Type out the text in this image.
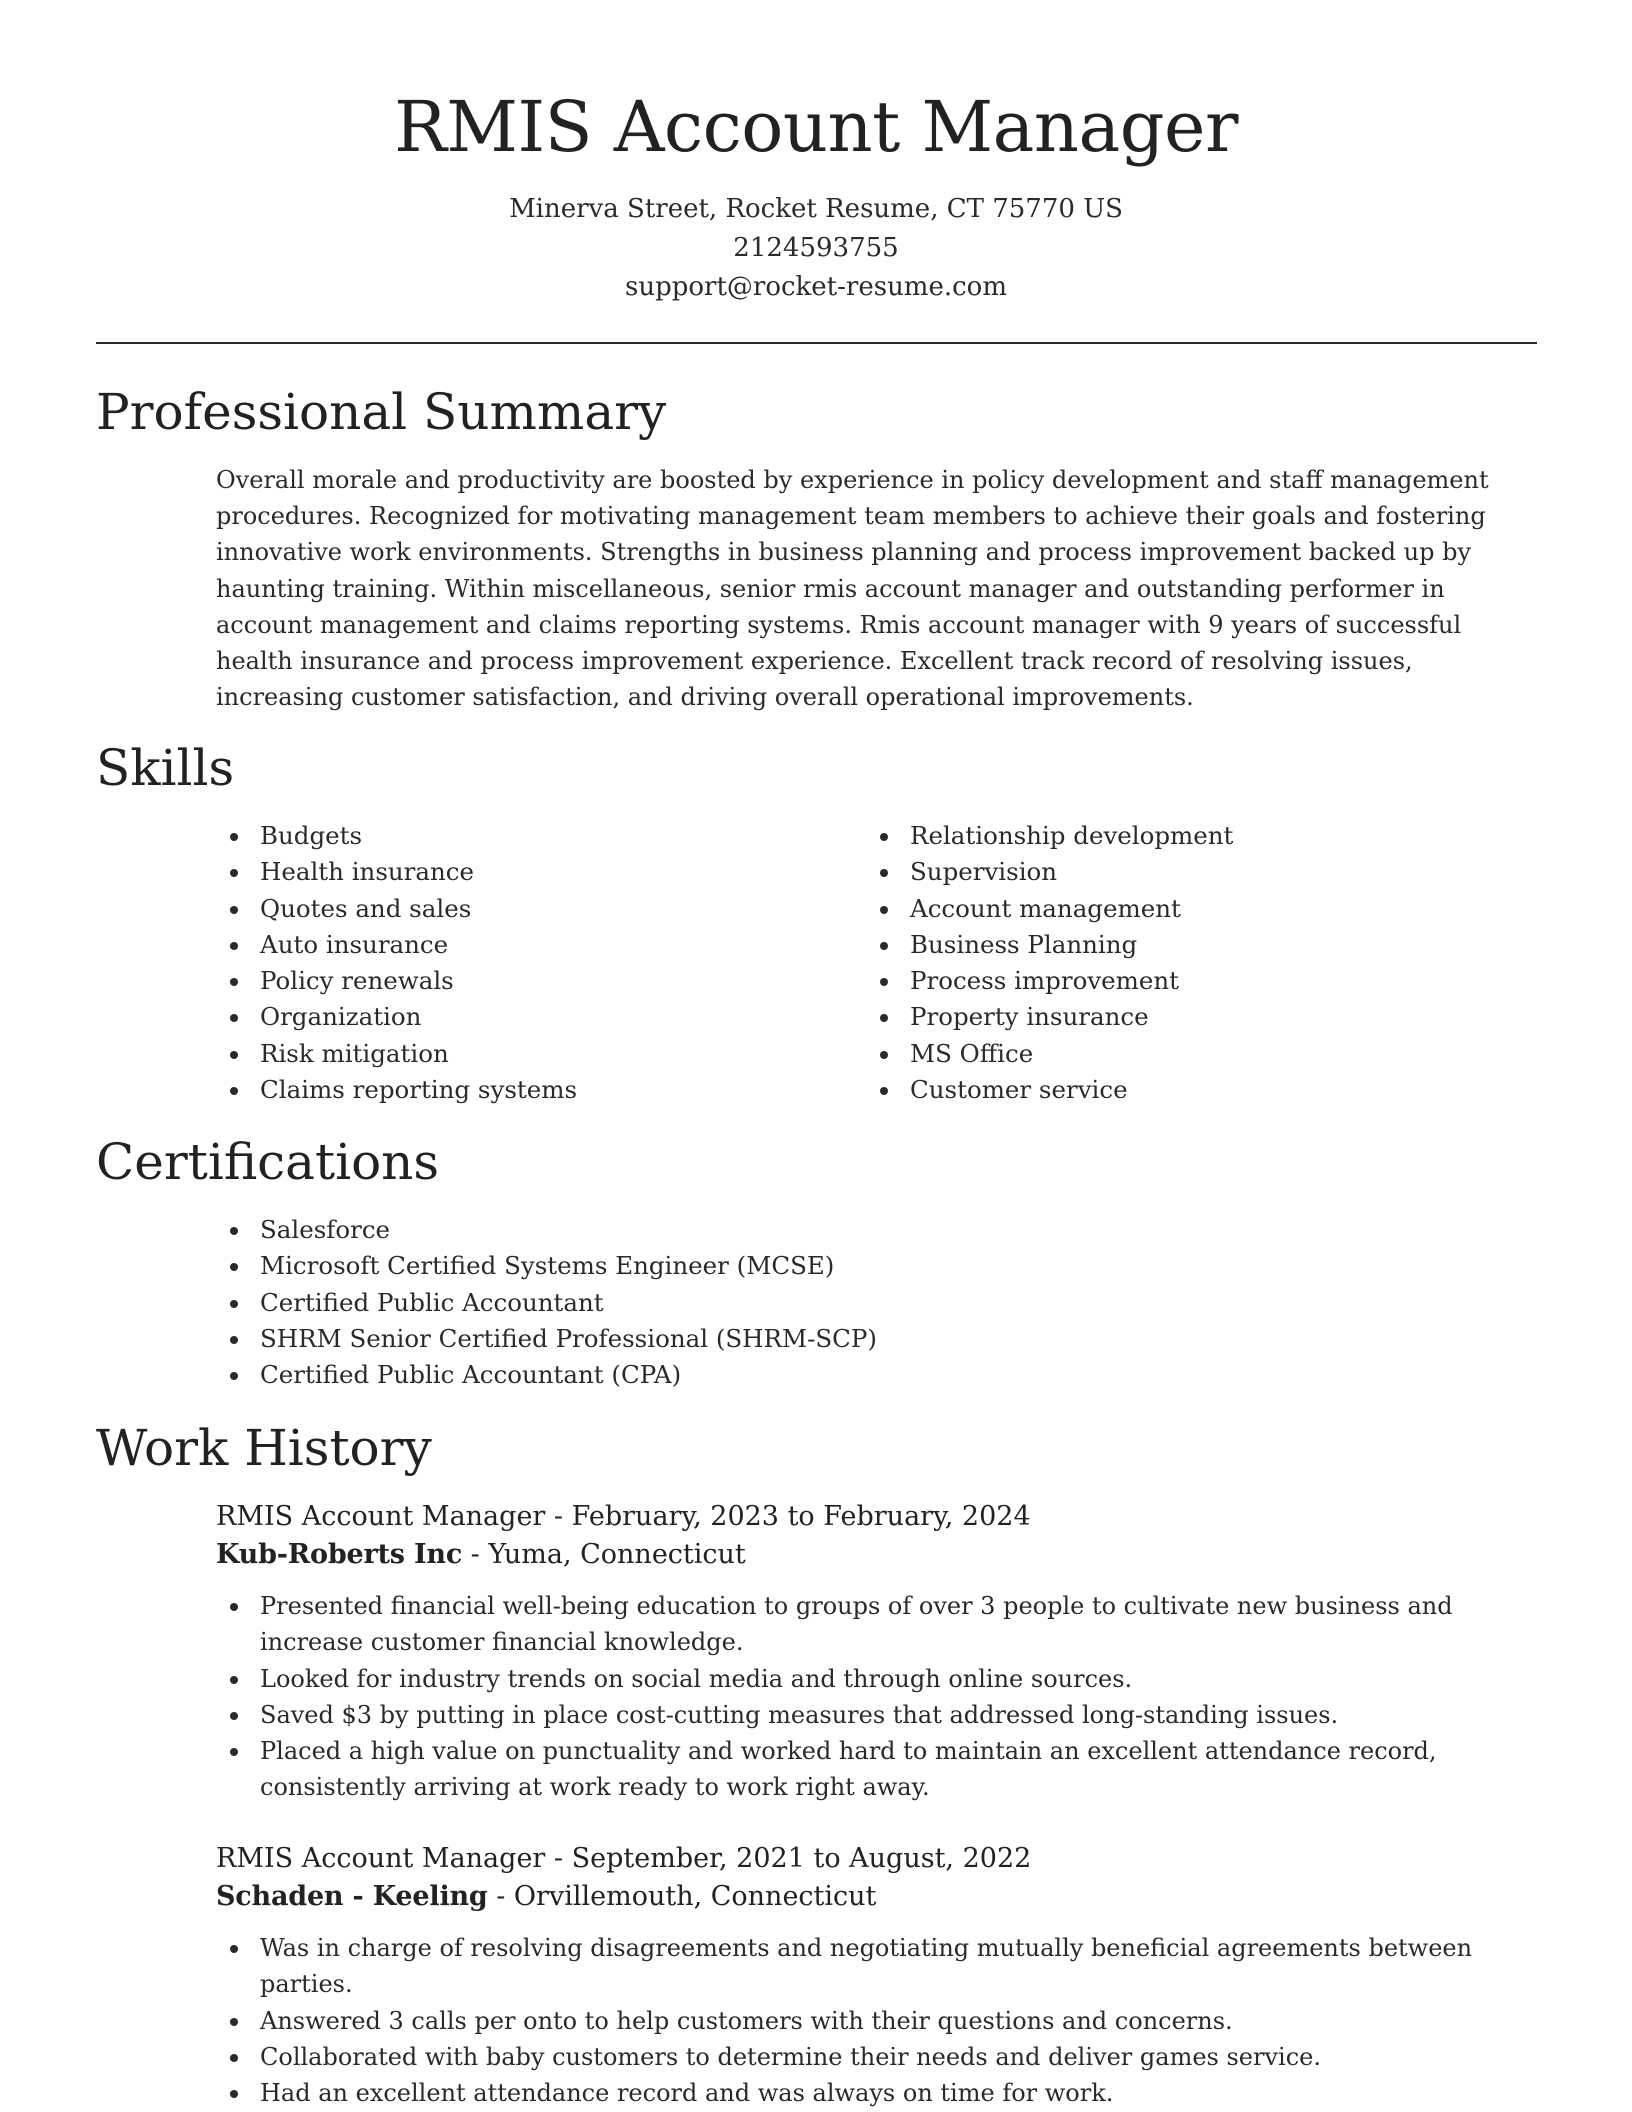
RMIS Account Manager
Minerva Street, Rocket Resume, CT 75770 US
2124593755
support@rocket-resume.com
Professional Summary

Overall morale and productivity are boosted by experience in policy development and staff management procedures. Recognized for motivating management team members to achieve their goals and fostering innovative work environments. Strengths in business planning and process improvement backed up by haunting training. Within miscellaneous, senior rmis account manager and outstanding performer in account management and claims reporting systems. Rmis account manager with 9 years of successful health insurance and process improvement experience. Excellent track record of resolving issues, increasing customer satisfaction, and driving overall operational improvements.

Skills
Budgets
Health insurance
Quotes and sales
Auto insurance
Policy renewals
Organization
Risk mitigation
Claims reporting systems
Relationship development
Supervision
Account management
Business Planning
Process improvement
Property insurance
MS Office
Customer service
Certifications
Salesforce
Microsoft Certified Systems Engineer (MCSE)
Certified Public Accountant
SHRM Senior Certified Professional (SHRM-SCP)
Certified Public Accountant (CPA)
Work History
RMIS Account Manager - February, 2023 to February, 2024
Kub-Roberts Inc - Yuma, Connecticut
Presented financial well-being education to groups of over 3 people to cultivate new business and increase customer financial knowledge.
Looked for industry trends on social media and through online sources.
Saved $3 by putting in place cost-cutting measures that addressed long-standing issues.
Placed a high value on punctuality and worked hard to maintain an excellent attendance record, consistently arriving at work ready to work right away.
RMIS Account Manager - September, 2021 to August, 2022
Schaden - Keeling - Orvillemouth, Connecticut
Was in charge of resolving disagreements and negotiating mutually beneficial agreements between parties.
Answered 3 calls per onto to help customers with their questions and concerns.
Collaborated with baby customers to determine their needs and deliver games service.
Had an excellent attendance record and was always on time for work.
